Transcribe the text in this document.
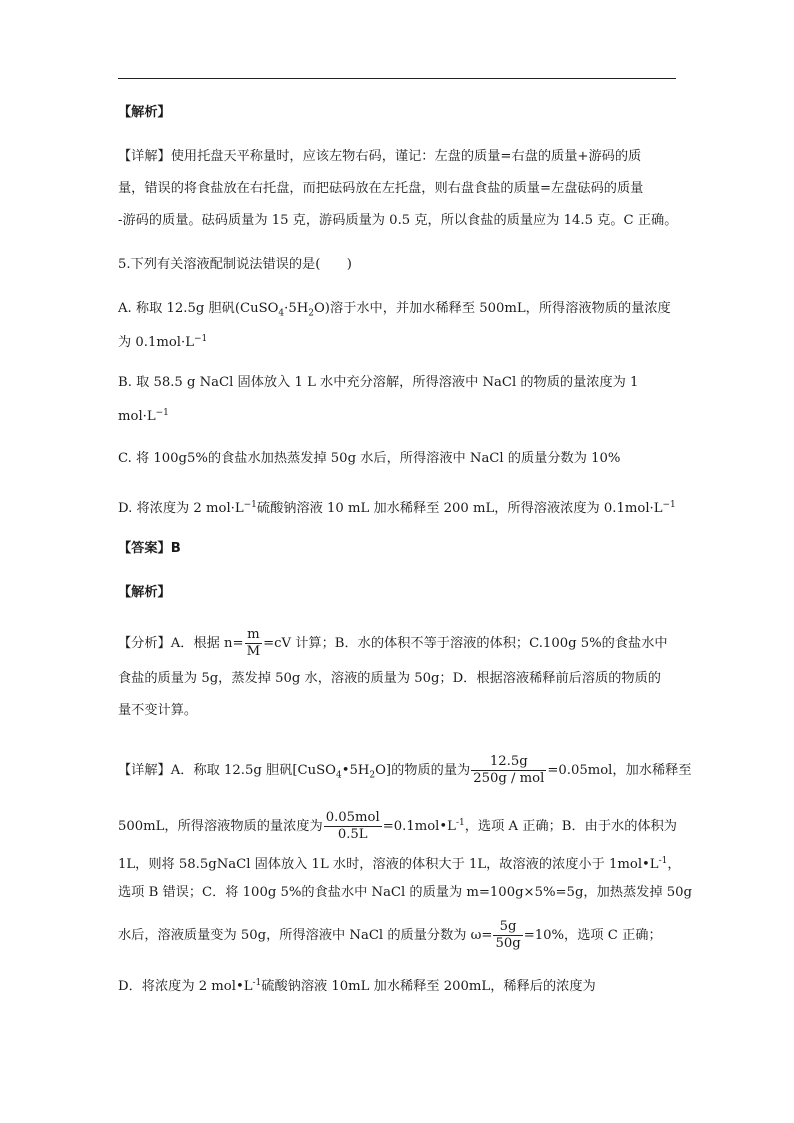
【解析】
【详解】使用托盘天平称量时，应该左物右码，谨记：左盘的质量=右盘的质量+游码的质
量，错误的将食盐放在右托盘，而把砝码放在左托盘，则右盘食盐的质量=左盘砝码的质量
-游码的质量。砝码质量为 15 克，游码质量为 0.5 克，所以食盐的质量应为 14.5 克。C 正确。
5.下列有关溶液配制说法错误的是(　　)
A. 称取 12.5g 胆矾$(CuSO_4\cdot 5H_2O)$溶于水中，并加水稀释至 500mL，所得溶液物质的量浓度
为 $0.1mol\cdot L^{-1}$
B. 取 58.5 g NaCl 固体放入 1 L 水中充分溶解，所得溶液中 NaCl 的物质的量浓度为 1
$mol\cdot L^{-1}$
C. 将 100g5%的食盐水加热蒸发掉 50g 水后，所得溶液中 NaCl 的质量分数为 10%
D. 将浓度为 2 $mol\cdot L^{-1}$硫酸钠溶液 10 mL 加水稀释至 200 mL，所得溶液浓度为 $0.1mol\cdot L^{-1}$
【答案】B
【解析】
【分析】A．根据 $n= \frac{m}{M} =cV$ 计算；B．水的体积不等于溶液的体积；C.100g 5%的食盐水中
食盐的质量为 5g，蒸发掉 50g 水，溶液的质量为 50g；D．根据溶液稀释前后溶质的物质的
量不变计算。
【详解】A．称取 12.5g 胆矾$[CuSO_4•5H_2O]$的物质的量为 $\frac{12.5g}{\text{250g / mol}} =0.05mol$，加水稀释至
500mL，所得溶液物质的量浓度为 $\frac{\text{0.05mol}}{0.5L}$ $=0.1mol•L^{-1}$，选项 A 正确；B．由于水的体积为
1L，则将 58.5gNaCl 固体放入 1L 水时，溶液的体积大于 1L，故溶液的浓度小于 $1mol•L^{-1}$，
选项 B 错误；C．将 100g 5%的食盐水中 NaCl 的质量为 m=100g×5%=5g，加热蒸发掉 50g
水后，溶液质量变为 50g，所得溶液中 NaCl 的质量分数为 $\omega= \frac{5g}{50g} =10\%$，选项 C 正确；
D．将浓度为 2 $mol•L^{-1}$硫酸钠溶液 10mL 加水稀释至 200mL，稀释后的浓度为
